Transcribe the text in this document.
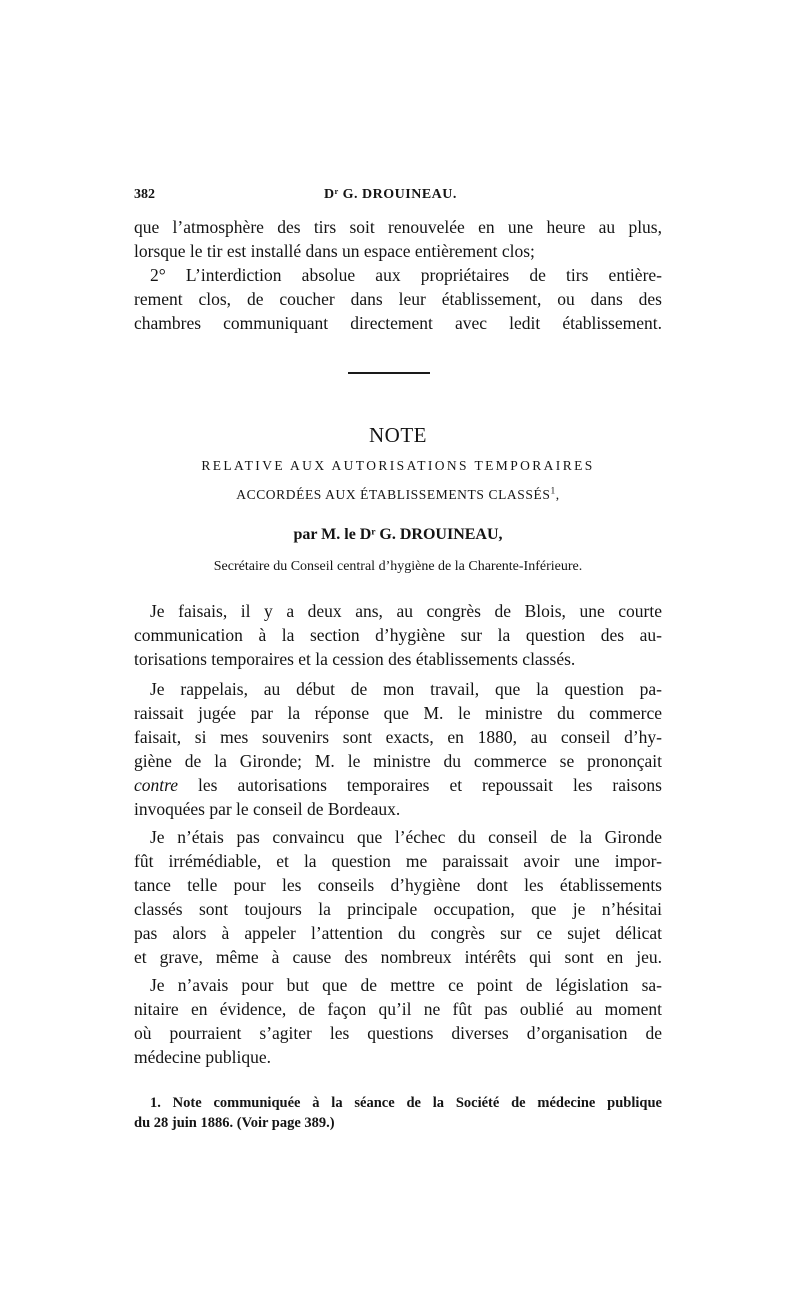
382	Dʳ G. DROUINEAU.
que l’atmosphère des tirs soit renouvelée en une heure au plus,
lorsque le tir est installé dans un espace entièrement clos;
2° L’interdiction absolue aux propriétaires de tirs entière-
rement clos, de coucher dans leur établissement, ou dans des
chambres communiquant directement avec ledit établissement.
NOTE
RELATIVE AUX AUTORISATIONS TEMPORAIRES
ACCORDÉES AUX ÉTABLISSEMENTS CLASSÉS$^1$,
par M. le Dʳ G. DROUINEAU,
Secrétaire du Conseil central d’hygiène de la Charente-Inférieure.
Je faisais, il y a deux ans, au congrès de Blois, une courte
communication à la section d’hygiène sur la question des au-
torisations temporaires et la cession des établissements classés.
Je rappelais, au début de mon travail, que la question pa-
raissait jugée par la réponse que M. le ministre du commerce
faisait, si mes souvenirs sont exacts, en 1880, au conseil d’hy-
giène de la Gironde; M. le ministre du commerce se prononçait
contre les autorisations temporaires et repoussait les raisons
invoquées par le conseil de Bordeaux.
Je n’étais pas convaincu que l’échec du conseil de la Gironde
fût irrémédiable, et la question me paraissait avoir une impor-
tance telle pour les conseils d’hygiène dont les établissements
classés sont toujours la principale occupation, que je n’hésitai
pas alors à appeler l’attention du congrès sur ce sujet délicat
et grave, même à cause des nombreux intérêts qui sont en jeu.
Je n’avais pour but que de mettre ce point de législation sa-
nitaire en évidence, de façon qu’il ne fût pas oublié au moment
où pourraient s’agiter les questions diverses d’organisation de
médecine publique.
1. Note communiquée à la séance de la Société de médecine publique
du 28 juin 1886. (Voir page 389.)
